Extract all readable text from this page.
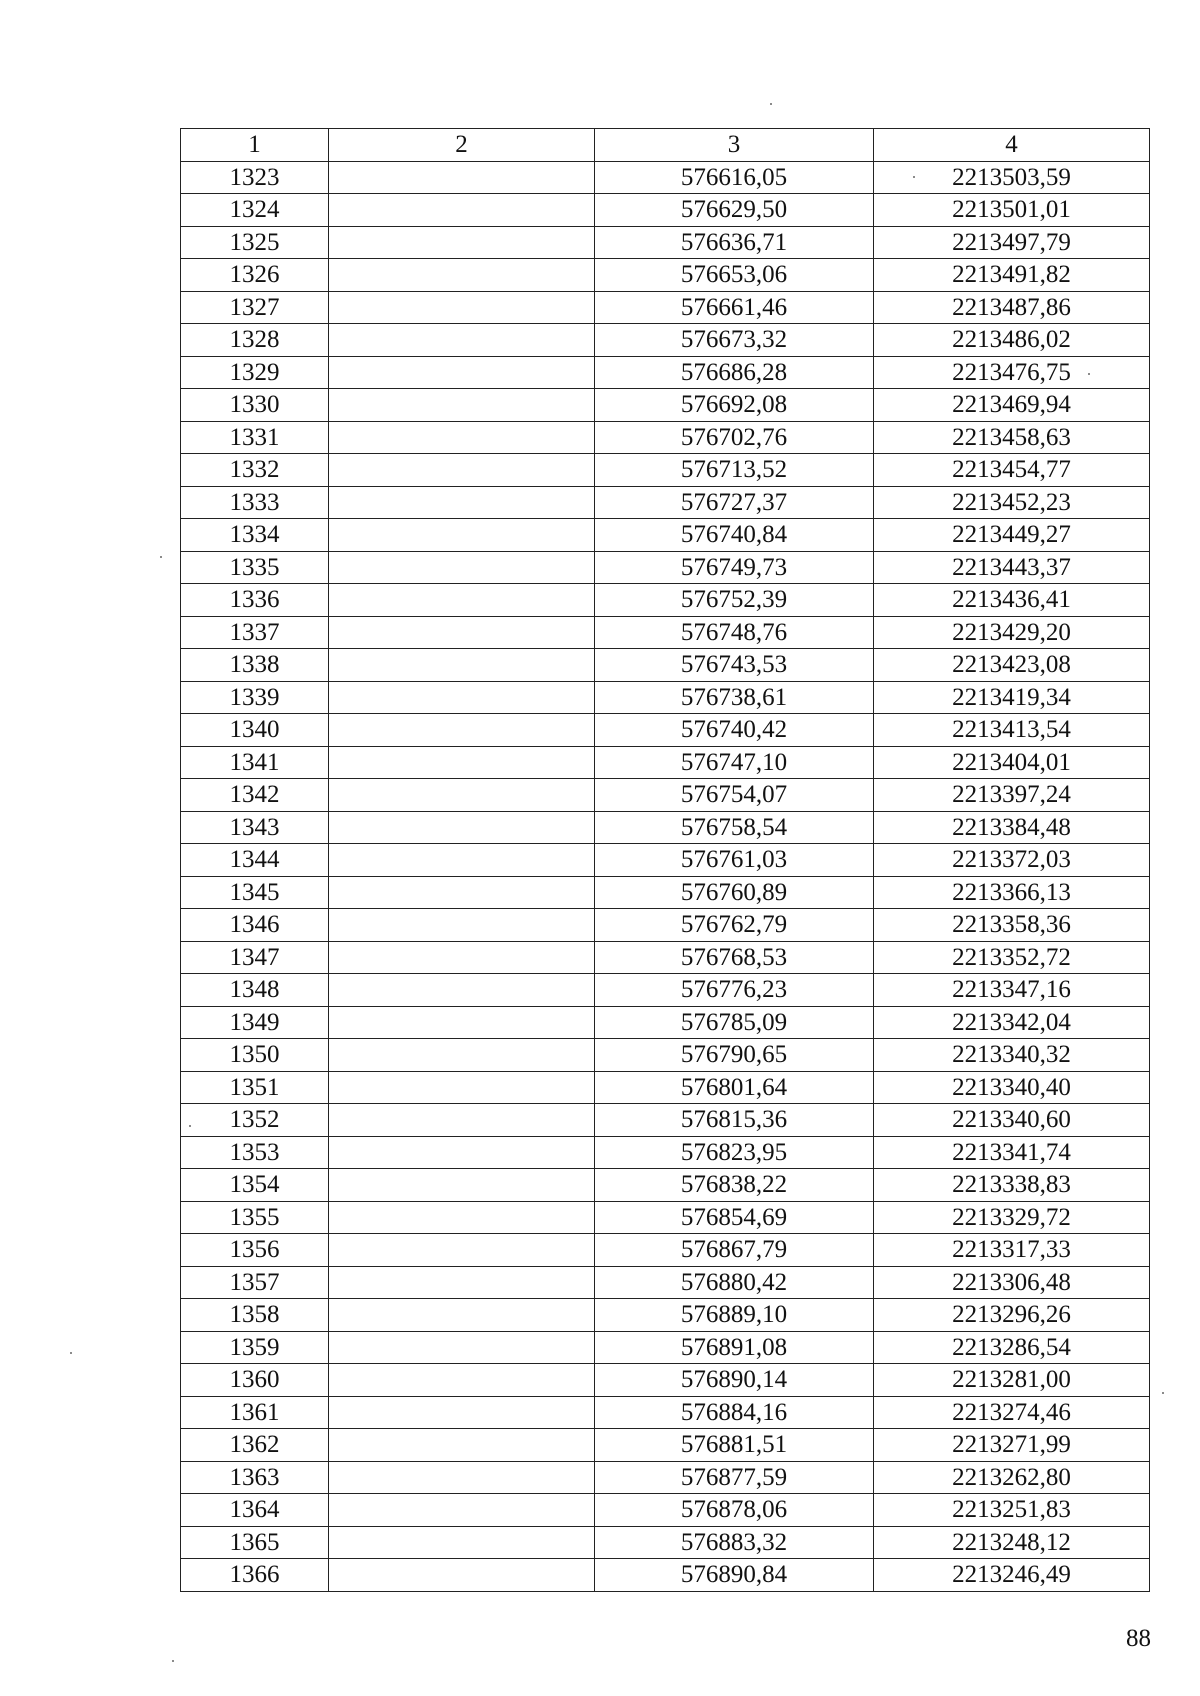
1	2	3	4
1323		576616,05	2213503,59
1324		576629,50	2213501,01
1325		576636,71	2213497,79
1326		576653,06	2213491,82
1327		576661,46	2213487,86
1328		576673,32	2213486,02
1329		576686,28	2213476,75
1330		576692,08	2213469,94
1331		576702,76	2213458,63
1332		576713,52	2213454,77
1333		576727,37	2213452,23
1334		576740,84	2213449,27
1335		576749,73	2213443,37
1336		576752,39	2213436,41
1337		576748,76	2213429,20
1338		576743,53	2213423,08
1339		576738,61	2213419,34
1340		576740,42	2213413,54
1341		576747,10	2213404,01
1342		576754,07	2213397,24
1343		576758,54	2213384,48
1344		576761,03	2213372,03
1345		576760,89	2213366,13
1346		576762,79	2213358,36
1347		576768,53	2213352,72
1348		576776,23	2213347,16
1349		576785,09	2213342,04
1350		576790,65	2213340,32
1351		576801,64	2213340,40
1352		576815,36	2213340,60
1353		576823,95	2213341,74
1354		576838,22	2213338,83
1355		576854,69	2213329,72
1356		576867,79	2213317,33
1357		576880,42	2213306,48
1358		576889,10	2213296,26
1359		576891,08	2213286,54
1360		576890,14	2213281,00
1361		576884,16	2213274,46
1362		576881,51	2213271,99
1363		576877,59	2213262,80
1364		576878,06	2213251,83
1365		576883,32	2213248,12
1366		576890,84	2213246,49
88
